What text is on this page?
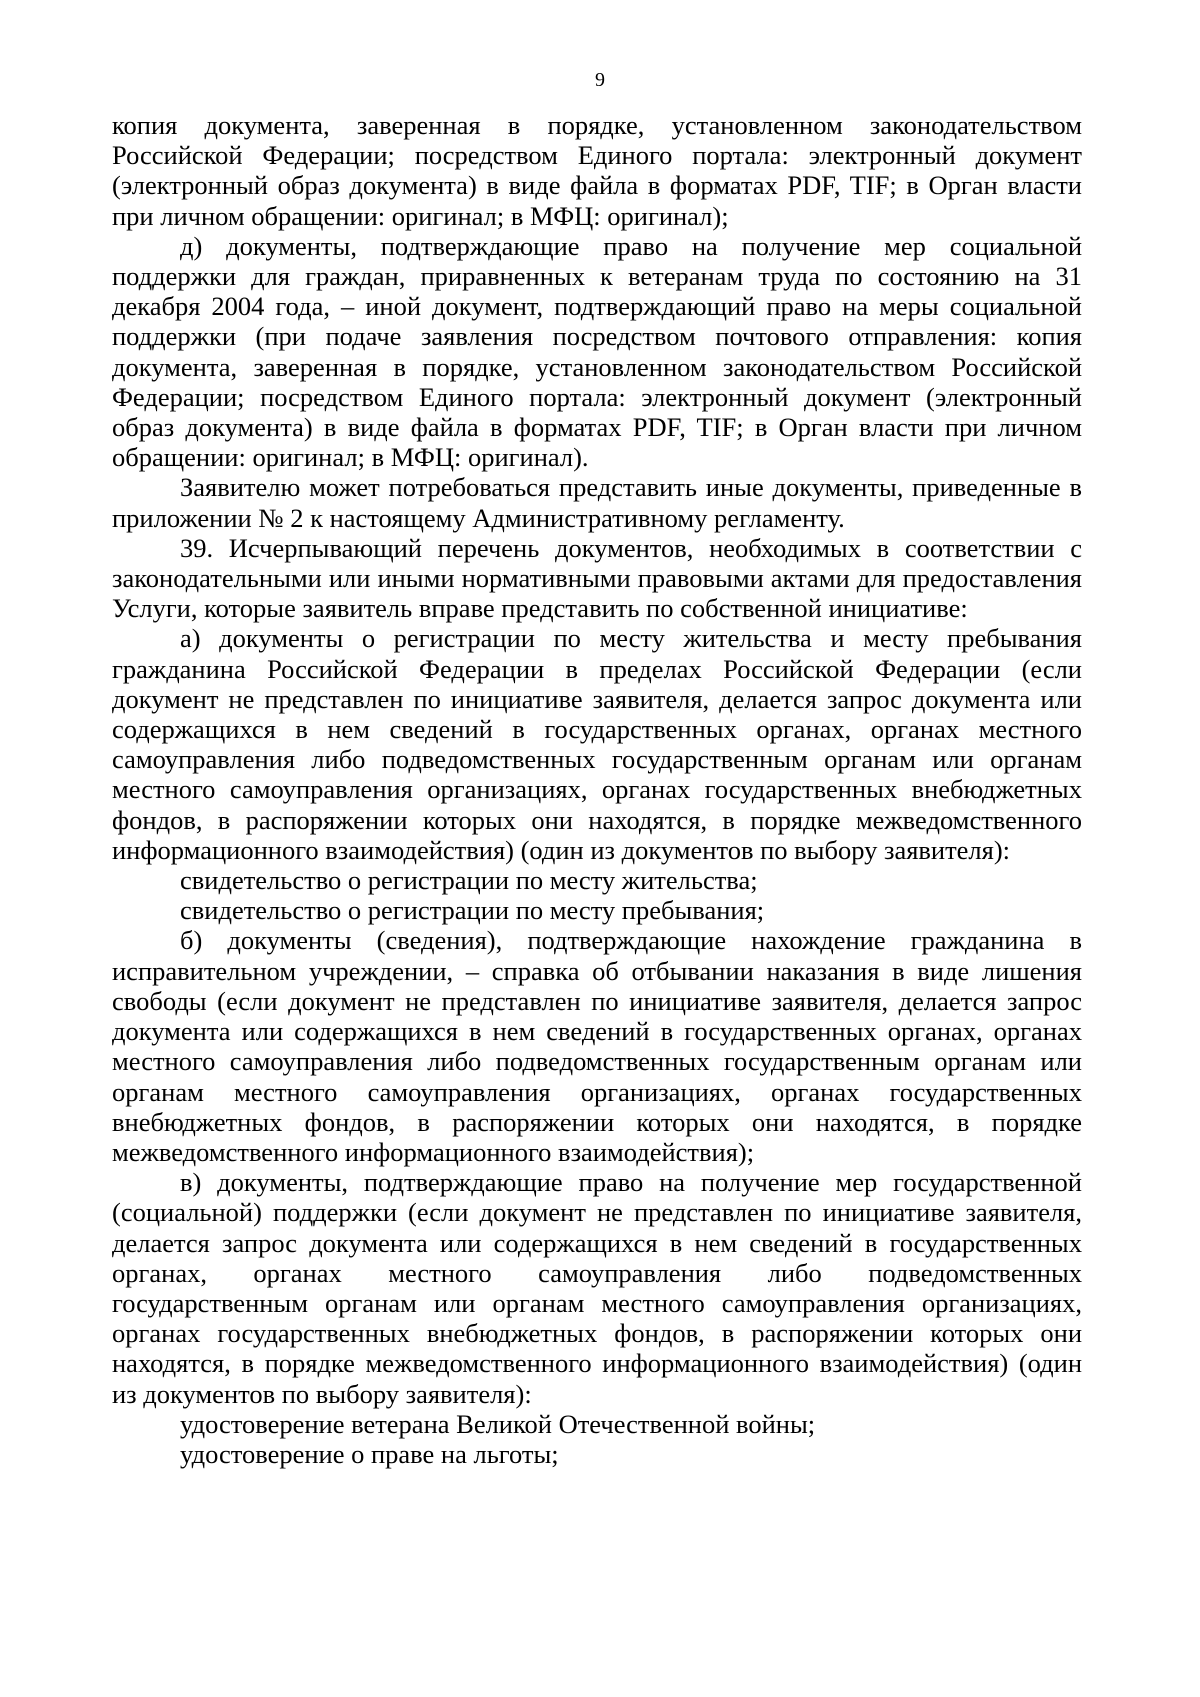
9

копия документа, заверенная в порядке, установленном законодательством Российской Федерации; посредством Единого портала: электронный документ (электронный образ документа) в виде файла в форматах PDF, TIF; в Орган власти при личном обращении: оригинал; в МФЦ: оригинал);

д) документы, подтверждающие право на получение мер социальной поддержки для граждан, приравненных к ветеранам труда по состоянию на 31 декабря 2004 года, – иной документ, подтверждающий право на меры социальной поддержки (при подаче заявления посредством почтового отправления: копия документа, заверенная в порядке, установленном законодательством Российской Федерации; посредством Единого портала: электронный документ (электронный образ документа) в виде файла в форматах PDF, TIF; в Орган власти при личном обращении: оригинал; в МФЦ: оригинал).

Заявителю может потребоваться представить иные документы, приведенные в приложении № 2 к настоящему Административному регламенту.

39. Исчерпывающий перечень документов, необходимых в соответствии с законодательными или иными нормативными правовыми актами для предоставления Услуги, которые заявитель вправе представить по собственной инициативе:

а) документы о регистрации по месту жительства и месту пребывания гражданина Российской Федерации в пределах Российской Федерации (если документ не представлен по инициативе заявителя, делается запрос документа или содержащихся в нем сведений в государственных органах, органах местного самоуправления либо подведомственных государственным органам или органам местного самоуправления организациях, органах государственных внебюджетных фондов, в распоряжении которых они находятся, в порядке межведомственного информационного взаимодействия) (один из документов по выбору заявителя):

свидетельство о регистрации по месту жительства;

свидетельство о регистрации по месту пребывания;

б) документы (сведения), подтверждающие нахождение гражданина в исправительном учреждении, – справка об отбывании наказания в виде лишения свободы (если документ не представлен по инициативе заявителя, делается запрос документа или содержащихся в нем сведений в государственных органах, органах местного самоуправления либо подведомственных государственным органам или органам местного самоуправления организациях, органах государственных внебюджетных фондов, в распоряжении которых они находятся, в порядке межведомственного информационного взаимодействия);

в) документы, подтверждающие право на получение мер государственной (социальной) поддержки (если документ не представлен по инициативе заявителя, делается запрос документа или содержащихся в нем сведений в государственных органах, органах местного самоуправления либо подведомственных государственным органам или органам местного самоуправления организациях, органах государственных внебюджетных фондов, в распоряжении которых они находятся, в порядке межведомственного информационного взаимодействия) (один из документов по выбору заявителя):

удостоверение ветерана Великой Отечественной войны;

удостоверение о праве на льготы;
